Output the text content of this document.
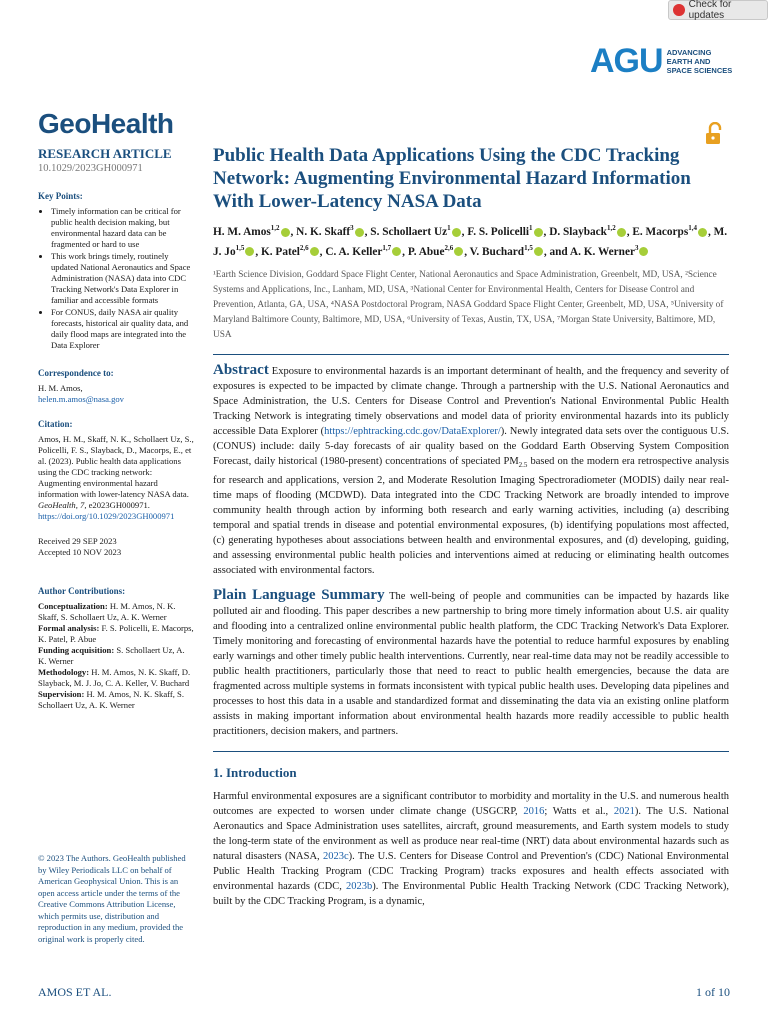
Check for updates
AGU ADVANCING
EARTH AND
SPACE SCIENCES
GeoHealth
RESEARCH ARTICLE
10.1029/2023GH000971
Key Points:
• Timely information can be critical for public health decision making, but environmental hazard data can be fragmented or hard to use
• This work brings timely, routinely updated National Aeronautics and Space Administration (NASA) data into CDC Tracking Network's Data Explorer in familiar and accessible formats
• For CONUS, daily NASA air quality forecasts, historical air quality data, and daily flood maps are integrated into the Data Explorer
Correspondence to:

H. M. Amos,
helen.m.amos@nasa.gov

Citation:

Amos, H. M., Skaff, N. K., Schollaert Uz, S., Policelli, F. S., Slayback, D., Macorps, E., et al. (2023). Public health data applications using the CDC tracking network: Augmenting environmental hazard information with lower-latency NASA data. GeoHealth, 7, e2023GH000971. https://doi.org/10.1029/2023GH000971

Received 29 SEP 2023
Accepted 10 NOV 2023

Author Contributions:

Conceptualization: H. M. Amos, N. K. Skaff, S. Schollaert Uz, A. K. Werner

Formal analysis: F. S. Policelli, E. Macorps, K. Patel, P. Abue

Funding acquisition: S. Schollaert Uz, A. K. Werner

Methodology: H. M. Amos, N. K. Skaff, D. Slayback, M. J. Jo, C. A. Keller, V. Buchard

Supervision: H. M. Amos, N. K. Skaff, S. Schollaert Uz, A. K. Werner

© 2023 The Authors. GeoHealth published by Wiley Periodicals LLC on behalf of American Geophysical Union. This is an open access article under the terms of the Creative Commons Attribution License, which permits use, distribution and reproduction in any medium, provided the original work is properly cited.
Public Health Data Applications Using the CDC Tracking Network: Augmenting Environmental Hazard Information With Lower-Latency NASA Data
H. M. Amos$^{1,2}$ , N. K. Skaff$^3$ , S. Schollaert Uz$^1$ , F. S. Policelli$^1$ , D. Slayback$^{1,2}$ , E. Macorps$^{1,4}$ , M. J. Jo$^{1,5}$ , K. Patel$^{2,6}$ , C. A. Keller$^{1,7}$ , P. Abue$^{2,6}$ , V. Buchard$^{1,5}$ , and A. K. Werner$^3$
¹Earth Science Division, Goddard Space Flight Center, National Aeronautics and Space Administration, Greenbelt, MD, USA, ²Science Systems and Applications, Inc., Lanham, MD, USA, ³National Center for Environmental Health, Centers for Disease Control and Prevention, Atlanta, GA, USA, ⁴NASA Postdoctoral Program, NASA Goddard Space Flight Center, Greenbelt, MD, USA, ⁵University of Maryland Baltimore County, Baltimore, MD, USA, ⁶University of Texas, Austin, TX, USA, ⁷Morgan State University, Baltimore, MD, USA
Abstract Exposure to environmental hazards is an important determinant of health, and the frequency and severity of exposures is expected to be impacted by climate change. Through a partnership with the U.S. National Aeronautics and Space Administration, the U.S. Centers for Disease Control and Prevention's National Environmental Public Health Tracking Network is integrating timely observations and model data of priority environmental hazards into its publicly accessible Data Explorer (https://ephtracking.cdc.gov/DataExplorer/). Newly integrated data sets over the contiguous U.S. (CONUS) include: daily 5-day forecasts of air quality based on the Goddard Earth Observing System Composition Forecast, daily historical (1980-present) concentrations of speciated $PM_{2.5}$ based on the modern era retrospective analysis for research and applications, version 2, and Moderate Resolution Imaging Spectroradiometer (MODIS) daily near real-time maps of flooding (MCDWD). Data integrated into the CDC Tracking Network are broadly intended to improve community health through action by informing both research and early warning activities, including (a) describing temporal and spatial trends in disease and potential environmental exposures, (b) identifying populations most affected, (c) generating hypotheses about associations between health and environmental exposures, and (d) developing, guiding, and assessing environmental public health policies and interventions aimed at reducing or eliminating health outcomes associated with environmental factors.
Plain Language Summary The well-being of people and communities can be impacted by hazards like polluted air and flooding. This paper describes a new partnership to bring more timely information about U.S. air quality and flooding into a centralized online environmental public health platform, the CDC Tracking Network's Data Explorer. Timely monitoring and forecasting of environmental hazards have the potential to reduce harmful exposures by enabling early warnings and other timely public health interventions. Currently, near real-time data may not be readily accessible to public health practitioners, particularly those that need to react to public health emergencies, because the data are fragmented across multiple systems in formats inconsistent with typical public health uses. Developing data pipelines and processes to host this data in a usable and standardized format and disseminating the data via an existing online platform assists in making important information about environmental health hazards more readily accessible to public health practitioners, decision makers, and partners.
1. Introduction
Harmful environmental exposures are a significant contributor to morbidity and mortality in the U.S. and numerous health outcomes are expected to worsen under climate change (USGCRP, 2016; Watts et al., 2021). The U.S. National Aeronautics and Space Administration uses satellites, aircraft, ground measurements, and Earth system models to study the long-term state of the environment as well as produce near real-time (NRT) data about environmental hazards such as natural disasters (NASA, 2023c). The U.S. Centers for Disease Control and Prevention's (CDC) National Environmental Public Health Tracking Program (CDC Tracking Program) tracks exposures and health effects associated with environmental hazards (CDC, 2023b). The Environmental Public Health Tracking Network (CDC Tracking Network), built by the CDC Tracking Program, is a dynamic,
AMOS ET AL.	1 of 10
